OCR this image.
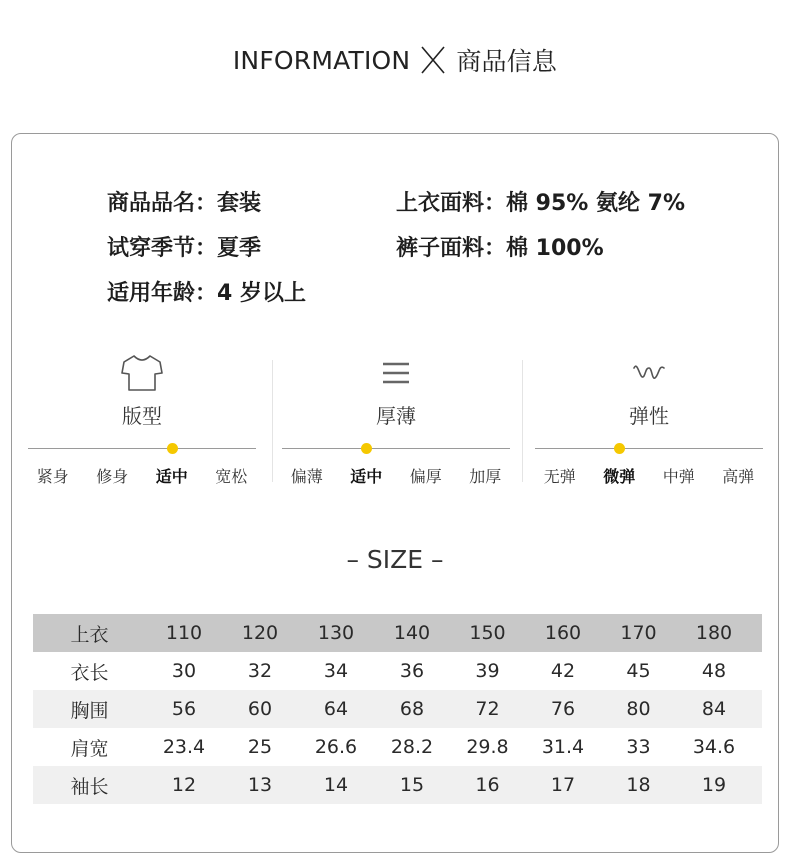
INFORMATION 商品信息
商品品名：套装
试穿季节：夏季
适用年龄：4 岁以上
上衣面料：棉 95% 氨纶 7%
裤子面料：棉 100%
版型
紧身	修身	适中	宽松
厚薄
偏薄	适中	偏厚	加厚
弹性
无弹	微弹	中弹	高弹
– SIZE –
上衣	110	120	130	140	150	160	170	180
衣长	30	32	34	36	39	42	45	48
胸围	56	60	64	68	72	76	80	84
肩宽	23.4	25	26.6	28.2	29.8	31.4	33	34.6
袖长	12	13	14	15	16	17	18	19
